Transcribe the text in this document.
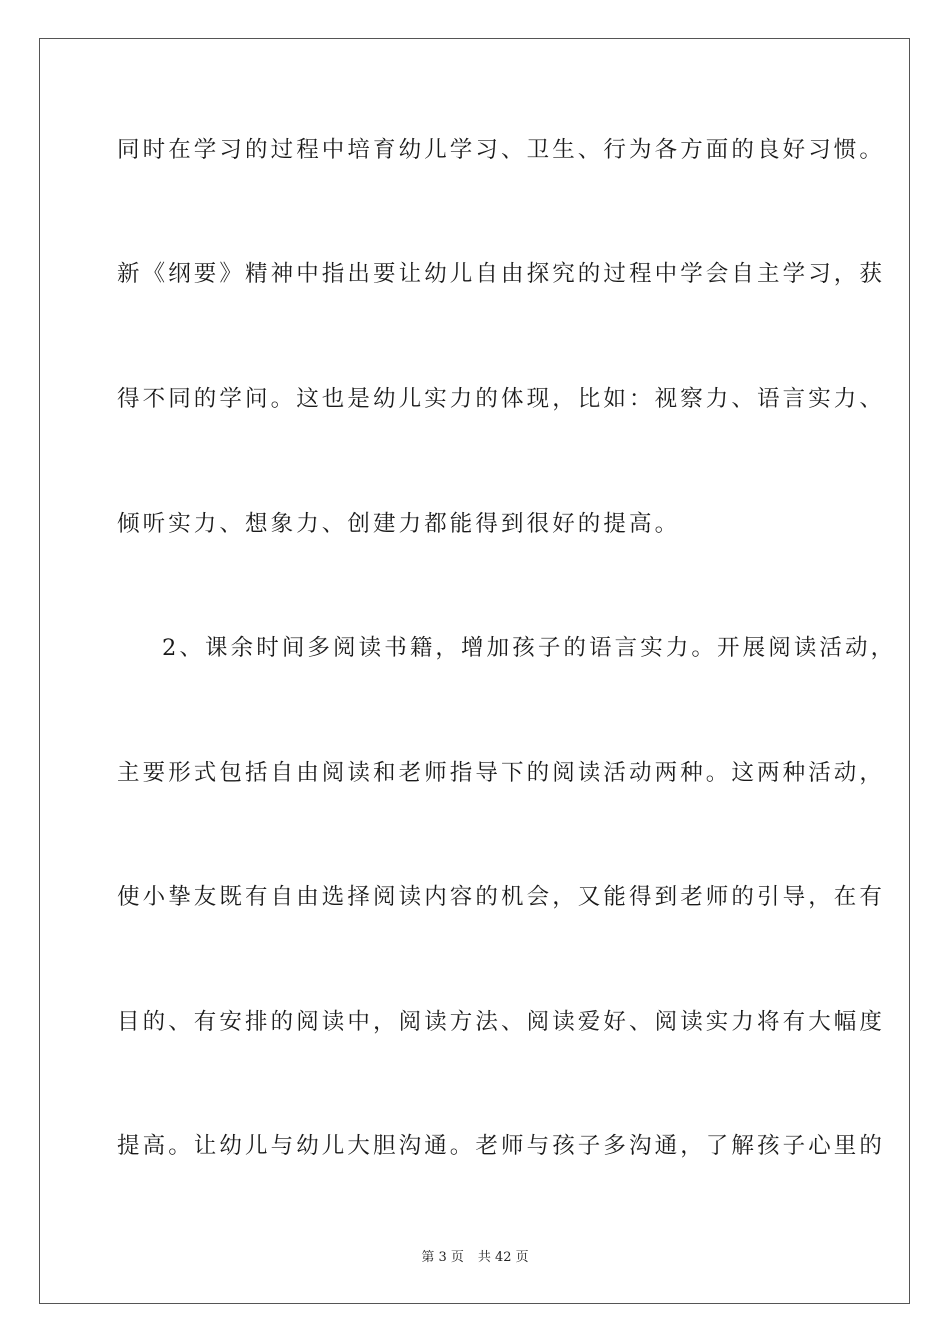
同时在学习的过程中培育幼儿学习、卫生、行为各方面的良好习惯。
新《纲要》精神中指出要让幼儿自由探究的过程中学会自主学习，获
得不同的学问。这也是幼儿实力的体现，比如：视察力、语言实力、
倾听实力、想象力、创建力都能得到很好的提高。
2、课余时间多阅读书籍，增加孩子的语言实力。开展阅读活动，
主要形式包括自由阅读和老师指导下的阅读活动两种。这两种活动，
使小挚友既有自由选择阅读内容的机会，又能得到老师的引导，在有
目的、有安排的阅读中，阅读方法、阅读爱好、阅读实力将有大幅度
提高。让幼儿与幼儿大胆沟通。老师与孩子多沟通，了解孩子心里的
第 3 页 共 42 页
